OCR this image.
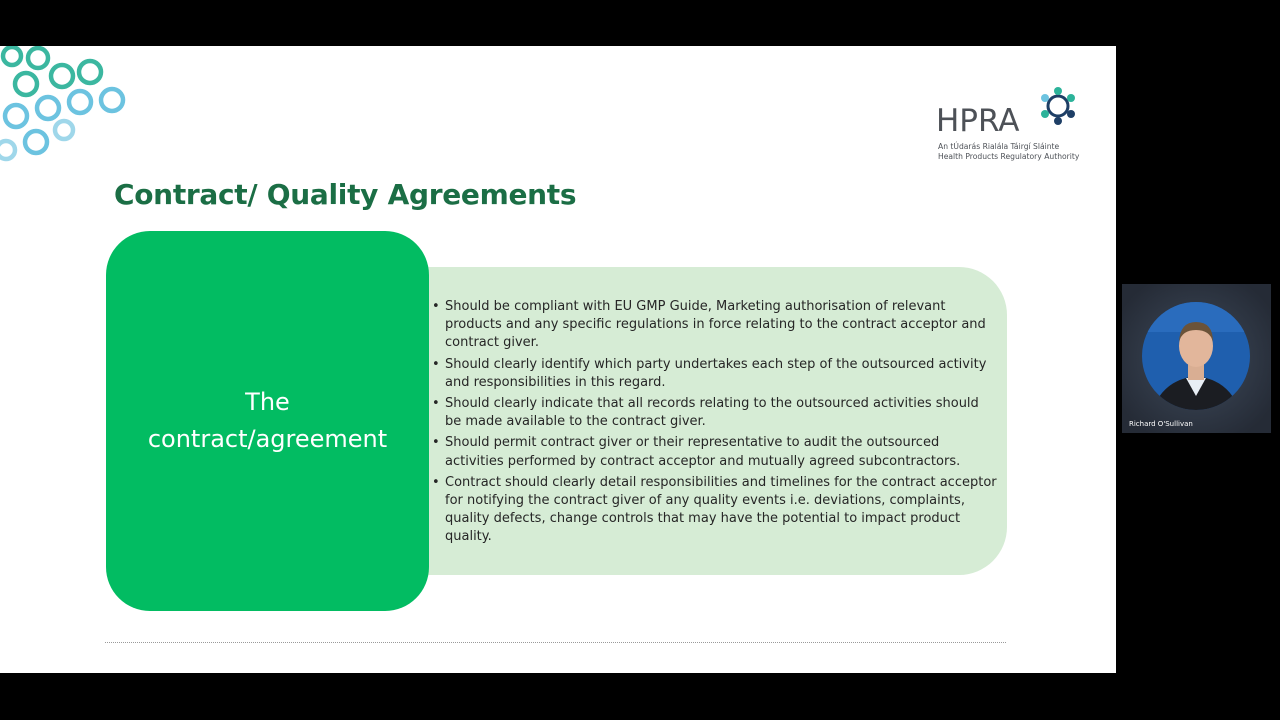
HPRA
An tÚdarás Rialála Táirgí Sláinte
Health Products Regulatory Authority
Contract/ Quality Agreements
• Should be compliant with EU GMP Guide, Marketing authorisation of relevant products and any specific regulations in force relating to the contract acceptor and contract giver.
• Should clearly identify which party undertakes each step of the outsourced activity and responsibilities in this regard.
• Should clearly indicate that all records relating to the outsourced activities should be made available to the contract giver.
• Should permit contract giver or their representative to audit the outsourced activities performed by contract acceptor and mutually agreed subcontractors.
• Contract should clearly detail responsibilities and timelines for the contract acceptor for notifying the contract giver of any quality events i.e. deviations, complaints, quality defects, change controls that may have the potential to impact product quality.
The
contract/agreement
Richard O'Sullivan
